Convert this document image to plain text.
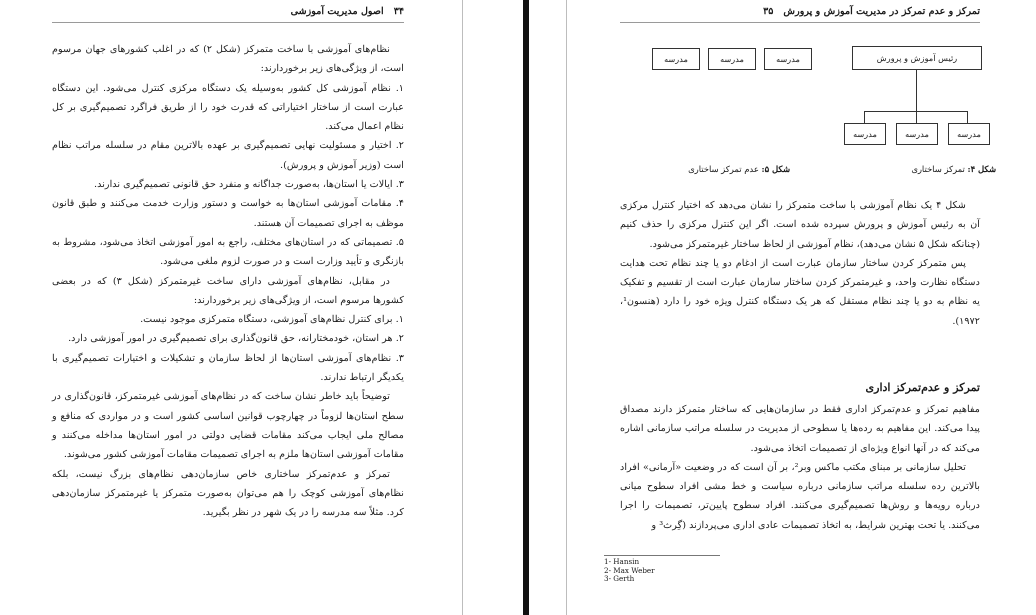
۳۴اصول مدیریت آموزشی

نظام‌های آموزشی با ساخت متمرکز (شکل ۲) که در اغلب کشورهای جهان مرسوم است، از ویژگی‌های زیر برخوردارند:

۱. نظام آموزشی کل کشور به‌وسیله یک دستگاه مرکزی کنترل می‌شود. این دستگاه عبارت است از ساختار اختیاراتی که قدرت خود را از طریق فراگرد تصمیم‌گیری بر کل نظام اعمال می‌کند.

۲. اختیار و مسئولیت نهایی تصمیم‌گیری بر عهده بالاترین مقام در سلسله مراتب نظام است (وزیر آموزش و پرورش).

۳. ایالات یا استان‌ها، به‌صورت جداگانه و منفرد حق قانونی تصمیم‌گیری ندارند.

۴. مقامات آموزشی استان‌ها به خواست و دستور وزارت خدمت می‌کنند و طبق قانون موظف به اجرای تصمیمات آن هستند.

۵. تصمیماتی که در استان‌های مختلف، راجع به امور آموزشی اتخاذ می‌شود، مشروط به بازنگری و تأیید وزارت است و در صورت لزوم ملغی می‌شود.

در مقابل، نظام‌های آموزشی دارای ساخت غیرمتمرکز (شکل ۳) که در بعضی کشورها مرسوم است، از ویژگی‌های زیر برخوردارند:

۱. برای کنترل نظام‌های آموزشی، دستگاه متمرکزی موجود نیست.

۲. هر استان، خودمختارانه، حق قانون‌گذاری برای تصمیم‌گیری در امور آموزشی دارد.

۳. نظام‌های آموزشی استان‌ها از لحاظ سازمان و تشکیلات و اختیارات تصمیم‌گیری با یکدیگر ارتباط ندارند.

توضیحاً باید خاطر نشان ساخت که در نظام‌های آموزشی غیرمتمرکز، قانون‌گذاری در سطح استان‌ها لزوماً در چهارچوب قوانین اساسی کشور است و در مواردی که منافع و مصالح ملی ایجاب می‌کند مقامات قضایی دولتی در امور استان‌ها مداخله می‌کنند و مقامات آموزشی استان‌ها ملزم به اجرای تصمیمات مقامات آموزشی کشور می‌شوند.

تمرکز و عدم‌تمرکز ساختاری خاص سازمان‌دهی نظام‌های بزرگ نیست، بلکه نظام‌های آموزشی کوچک را هم می‌توان به‌صورت متمرکز یا غیرمتمرکز سازمان‌دهی کرد. مثلاً سه مدرسه را در یک شهر در نظر بگیرید.

تمرکز و عدم تمرکز در مدیریت آموزش و پرورش۳۵
رئیس آموزش و پرورش
مدرسه
مدرسه
مدرسه
شکل ۴: تمرکز ساختاری
مدرسه
مدرسه
مدرسه
شکل ۵: عدم تمرکز ساختاری

شکل ۴ یک نظام آموزشی با ساخت متمرکز را نشان می‌دهد که اختیار کنترل مرکزی آن به رئیس آموزش و پرورش سپرده شده است. اگر این کنترل مرکزی را حذف کنیم (چنانکه شکل ۵ نشان می‌دهد)، نظام آموزشی از لحاظ ساختار غیرمتمرکز می‌شود.

پس متمرکز کردن ساختار سازمان عبارت است از ادغام دو یا چند نظام تحت هدایت دستگاه نظارت واحد، و غیرمتمرکز کردن ساختار سازمان عبارت است از تقسیم و تفکیک یه نظام به دو یا چند نظام مستقل که هر یک دستگاه کنترل ویژه خود را دارد (هنسون¹، ۱۹۷۲).

تمرکز و عدم‌تمرکز اداری

مفاهیم تمرکز و عدم‌تمرکز اداری فقط در سازمان‌هایی که ساختار متمرکز دارند مصداق پیدا می‌کند. این مفاهیم به رده‌ها یا سطوحی از مدیریت در سلسله مراتب سازمانی اشاره می‌کند که در آنها انواع ویژه‌ای از تصمیمات اتخاذ می‌شود.

تحلیل سازمانی بر مبنای مکتب ماکس وبر²، بر آن است که در وضعیت «آرمانی» افراد بالاترین رده سلسله مراتب سازمانی درباره سیاست و خط مشی افراد سطوح میانی درباره رویه‌ها و روش‌ها تصمیم‌گیری می‌کنند. افراد سطوح پایین‌تر، تصمیمات را اجرا می‌کنند. یا تحت بهترین شرایط، به اتخاذ تصمیمات عادی اداری می‌پردازند (گِرث³ و

1- Hansin
2- Max Weber
3- Gerth
